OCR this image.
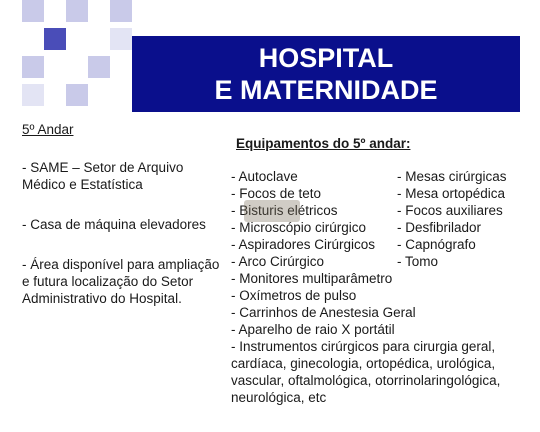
HOSPITAL
E MATERNIDADE
5º Andar
- SAME – Setor de Arquivo Médico e Estatística
- Casa de máquina elevadores
- Área disponível para ampliação e futura localização do Setor Administrativo do Hospital.
Equipamentos do 5º andar:
- Autoclave
- Focos de teto
- Bisturis elétricos
- Microscópio cirúrgico
- Aspiradores Cirúrgicos
- Arco Cirúrgico
- Mesas cirúrgicas
- Mesa ortopédica
- Focos auxiliares
- Desfibrilador
- Capnógrafo
- Tomo
- Monitores multiparâmetro
- Oxímetros de pulso
- Carrinhos de Anestesia Geral
- Aparelho de raio X portátil
- Instrumentos cirúrgicos para cirurgia geral, cardíaca, ginecologia, ortopédica, urológica, vascular, oftalmológica, otorrinolaringológica, neurológica, etc
